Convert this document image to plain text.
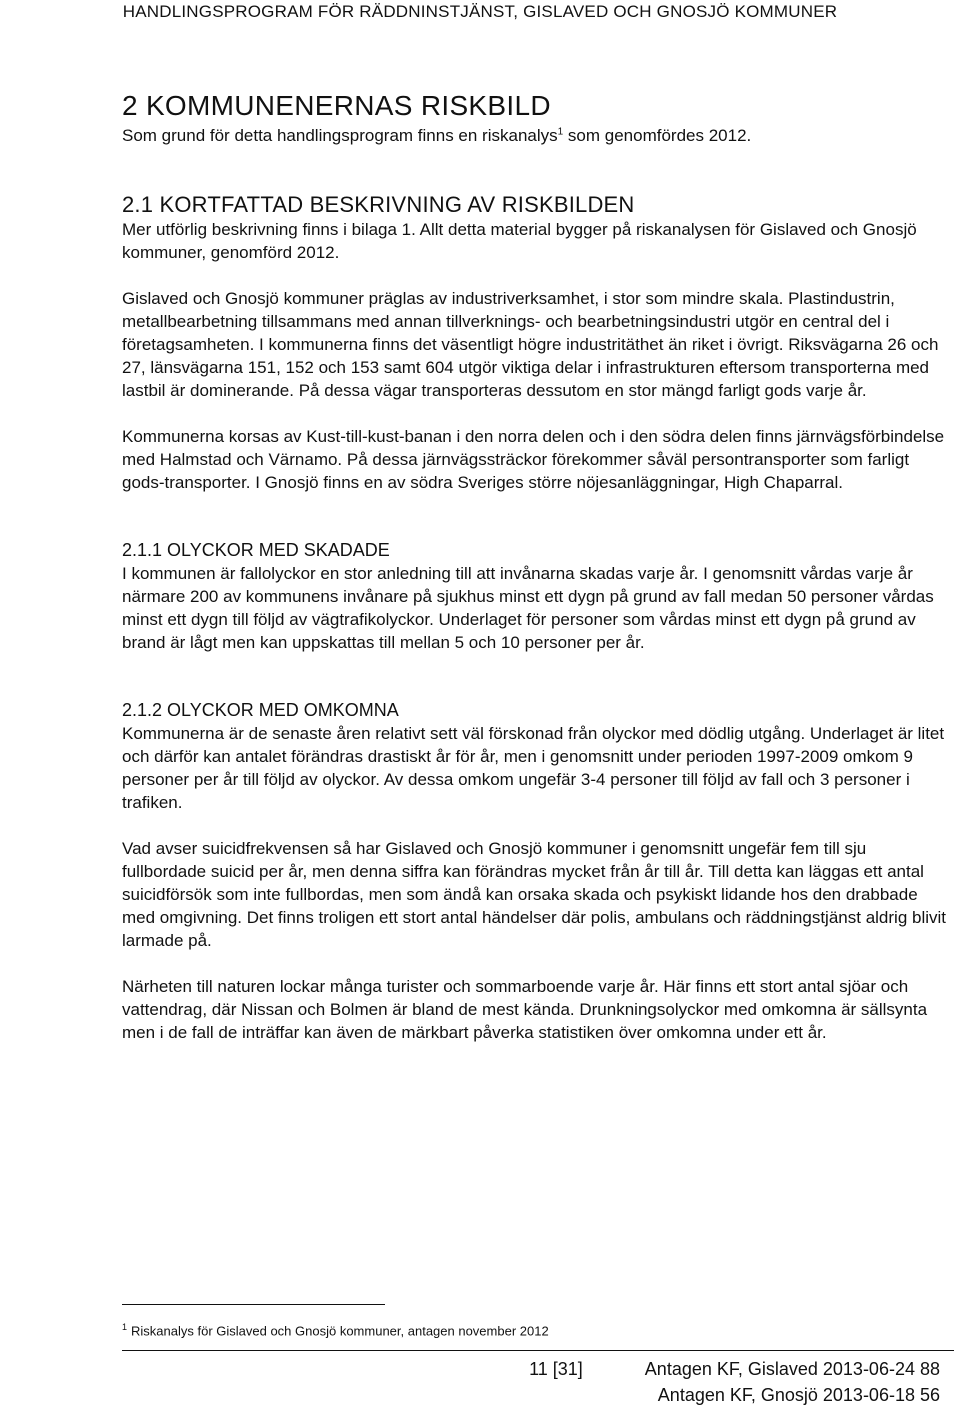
HANDLINGSPROGRAM FÖR RÄDDNINSTJÄNST, GISLAVED OCH GNOSJÖ KOMMUNER
2 KOMMUNENERNAS RISKBILD

Som grund för detta handlingsprogram finns en riskanalys$^1$ som genomfördes 2012.

2.1 KORTFATTAD BESKRIVNING AV RISKBILDEN

Mer utförlig beskrivning finns i bilaga 1. Allt detta material bygger på riskanalysen för Gislaved och Gnosjö kommuner, genomförd 2012.

Gislaved och Gnosjö kommuner präglas av industriverksamhet, i stor som mindre skala. Plastindustrin, metallbearbetning tillsammans med annan tillverknings- och bearbetningsindustri utgör en central del i företagsamheten. I kommunerna finns det väsentligt högre industritäthet än riket i övrigt. Riksvägarna 26 och 27, länsvägarna 151, 152 och 153 samt 604 utgör viktiga delar i infrastrukturen eftersom transporterna med lastbil är dominerande. På dessa vägar transporteras dessutom en stor mängd farligt gods varje år.

Kommunerna korsas av Kust-till-kust-banan i den norra delen och i den södra delen finns järnvägsförbindelse med Halmstad och Värnamo. På dessa järnvägssträckor förekommer såväl persontransporter som farligt gods-transporter. I Gnosjö finns en av södra Sveriges större nöjesanläggningar, High Chaparral.

2.1.1 OLYCKOR MED SKADADE

I kommunen är fallolyckor en stor anledning till att invånarna skadas varje år. I genomsnitt vårdas varje år närmare 200 av kommunens invånare på sjukhus minst ett dygn på grund av fall medan 50 personer vårdas minst ett dygn till följd av vägtrafikolyckor. Underlaget för personer som vårdas minst ett dygn på grund av brand är lågt men kan uppskattas till mellan 5 och 10 personer per år.

2.1.2 OLYCKOR MED OMKOMNA

Kommunerna är de senaste åren relativt sett väl förskonad från olyckor med dödlig utgång. Underlaget är litet och därför kan antalet förändras drastiskt år för år, men i genomsnitt under perioden 1997-2009 omkom 9 personer per år till följd av olyckor. Av dessa omkom ungefär 3-4 personer till följd av fall och 3 personer i trafiken.

Vad avser suicidfrekvensen så har Gislaved och Gnosjö kommuner i genomsnitt ungefär fem till sju fullbordade suicid per år, men denna siffra kan förändras mycket från år till år. Till detta kan läggas ett antal suicidförsök som inte fullbordas, men som ändå kan orsaka skada och psykiskt lidande hos den drabbade med omgivning. Det finns troligen ett stort antal händelser där polis, ambulans och räddningstjänst aldrig blivit larmade på.

Närheten till naturen lockar många turister och sommarboende varje år. Här finns ett stort antal sjöar och vattendrag, där Nissan och Bolmen är bland de mest kända. Drunkningsolyckor med omkomna är sällsynta men i de fall de inträffar kan även de märkbart påverka statistiken över omkomna under ett år.

$^1$ Riskanalys för Gislaved och Gnosjö kommuner, antagen november 2012
11 [31]	Antagen KF, Gislaved 2013-06-24 88
Antagen KF, Gnosjö 2013-06-18 56
